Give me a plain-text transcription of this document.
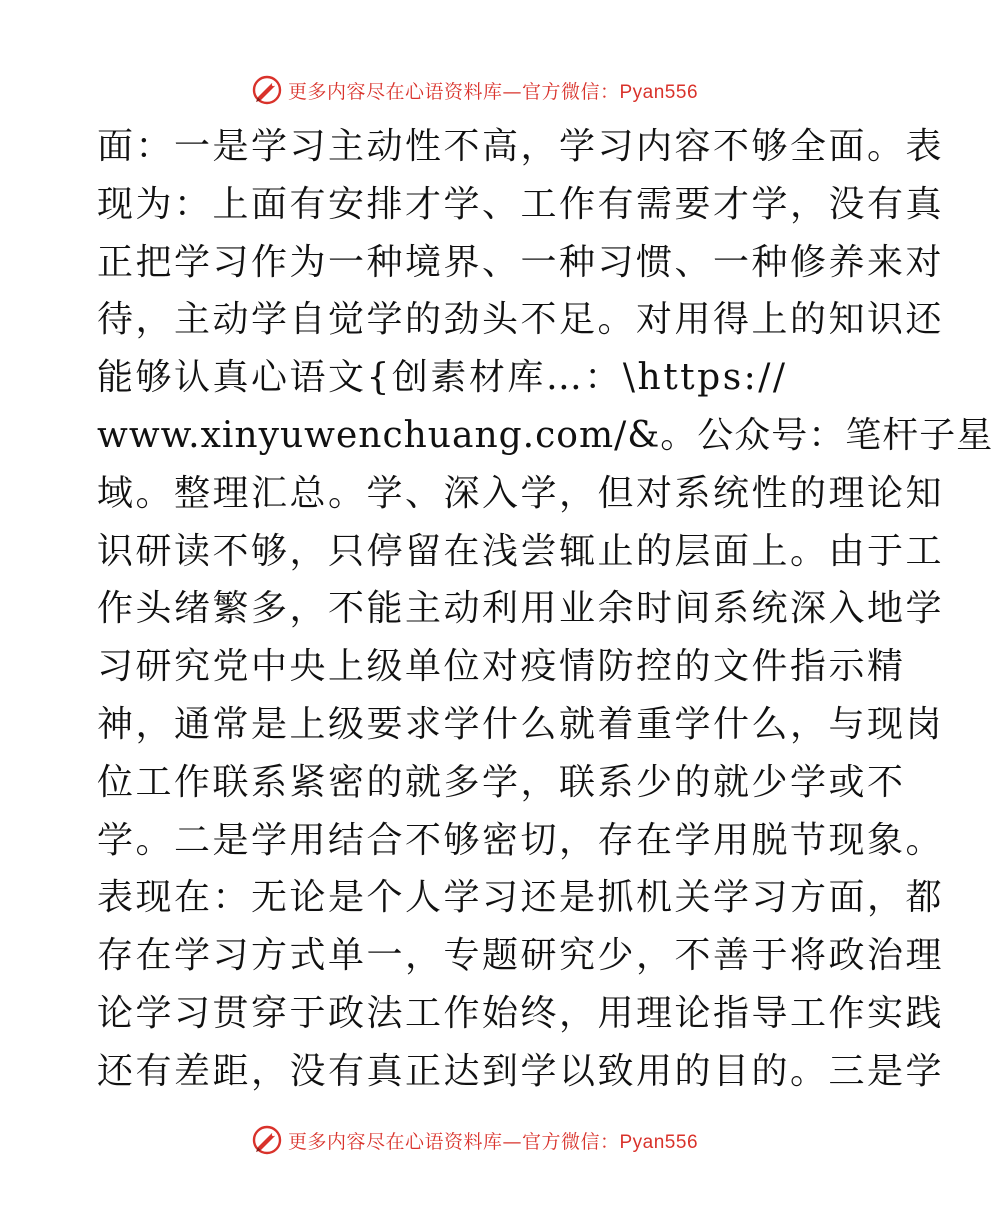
更多内容尽在心语资料库—官方微信：Pyan556
面：一是学习主动性不高，学习内容不够全面。表
现为：上面有安排才学、工作有需要才学，没有真
正把学习作为一种境界、一种习惯、一种修养来对
待，主动学自觉学的劲头不足。对用得上的知识还
能够认真心语文{创素材库…：\https://
www.xinyuwenchuang.com/&。公众号：笔杆子星
域。整理汇总。学、深入学，但对系统性的理论知
识研读不够，只停留在浅尝辄止的层面上。由于工
作头绪繁多，不能主动利用业余时间系统深入地学
习研究党中央上级单位对疫情防控的文件指示精
神，通常是上级要求学什么就着重学什么，与现岗
位工作联系紧密的就多学，联系少的就少学或不
学。二是学用结合不够密切，存在学用脱节现象。
表现在：无论是个人学习还是抓机关学习方面，都
存在学习方式单一，专题研究少，不善于将政治理
论学习贯穿于政法工作始终，用理论指导工作实践
还有差距，没有真正达到学以致用的目的。三是学
更多内容尽在心语资料库—官方微信：Pyan556
